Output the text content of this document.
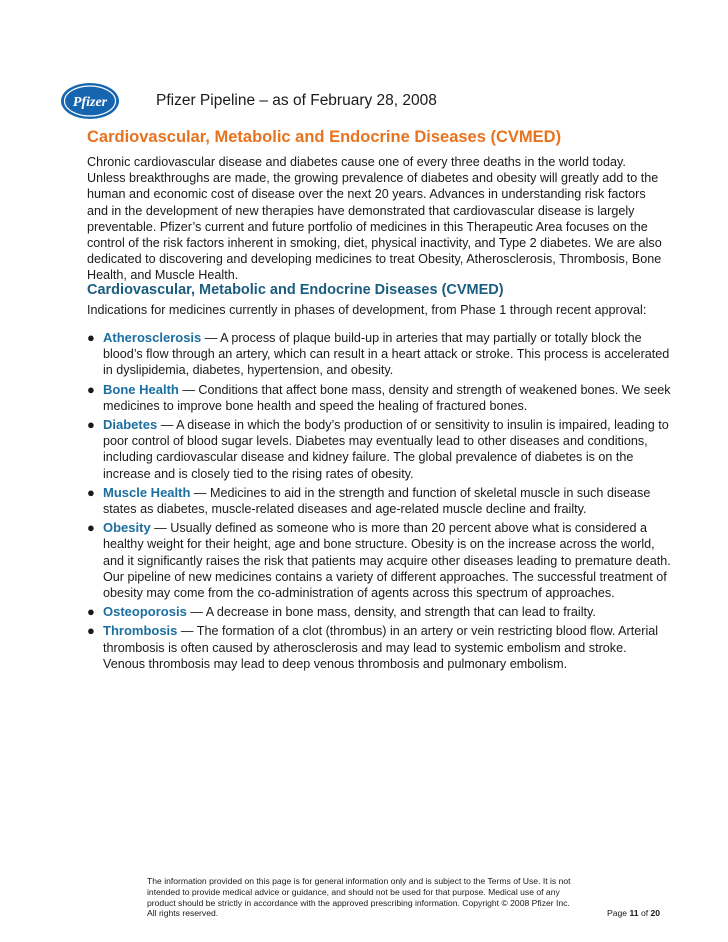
Pfizer	Pfizer Pipeline – as of February 28, 2008
Cardiovascular, Metabolic and Endocrine Diseases (CVMED)
Chronic cardiovascular disease and diabetes cause one of every three deaths in the world today. Unless breakthroughs are made, the growing prevalence of diabetes and obesity will greatly add to the human and economic cost of disease over the next 20 years. Advances in understanding risk factors and in the development of new therapies have demonstrated that cardiovascular disease is largely preventable. Pfizer’s current and future portfolio of medicines in this Therapeutic Area focuses on the control of the risk factors inherent in smoking, diet, physical inactivity, and Type 2 diabetes. We are also dedicated to discovering and developing medicines to treat Obesity, Atherosclerosis, Thrombosis, Bone Health, and Muscle Health.
Cardiovascular, Metabolic and Endocrine Diseases (CVMED)
Indications for medicines currently in phases of development, from Phase 1 through recent approval:
● Atherosclerosis — A process of plaque build-up in arteries that may partially or totally block the blood’s flow through an artery, which can result in a heart attack or stroke. This process is accelerated in dyslipidemia, diabetes, hypertension, and obesity.
● Bone Health — Conditions that affect bone mass, density and strength of weakened bones. We seek medicines to improve bone health and speed the healing of fractured bones.
● Diabetes — A disease in which the body’s production of or sensitivity to insulin is impaired, leading to poor control of blood sugar levels. Diabetes may eventually lead to other diseases and conditions, including cardiovascular disease and kidney failure. The global prevalence of diabetes is on the increase and is closely tied to the rising rates of obesity.
● Muscle Health — Medicines to aid in the strength and function of skeletal muscle in such disease states as diabetes, muscle-related diseases and age-related muscle decline and frailty.
● Obesity — Usually defined as someone who is more than 20 percent above what is considered a healthy weight for their height, age and bone structure. Obesity is on the increase across the world, and it significantly raises the risk that patients may acquire other diseases leading to premature death. Our pipeline of new medicines contains a variety of different approaches. The successful treatment of obesity may come from the co-administration of agents across this spectrum of approaches.
● Osteoporosis — A decrease in bone mass, density, and strength that can lead to frailty.
● Thrombosis — The formation of a clot (thrombus) in an artery or vein restricting blood flow. Arterial thrombosis is often caused by atherosclerosis and may lead to systemic embolism and stroke. Venous thrombosis may lead to deep venous thrombosis and pulmonary embolism.
The information provided on this page is for general information only and is subject to the Terms of Use. It is not intended to provide medical advice or guidance, and should not be used for that purpose. Medical use of any product should be strictly in accordance with the approved prescribing information. Copyright © 2008 Pfizer Inc. All rights reserved.	Page 11 of 20
